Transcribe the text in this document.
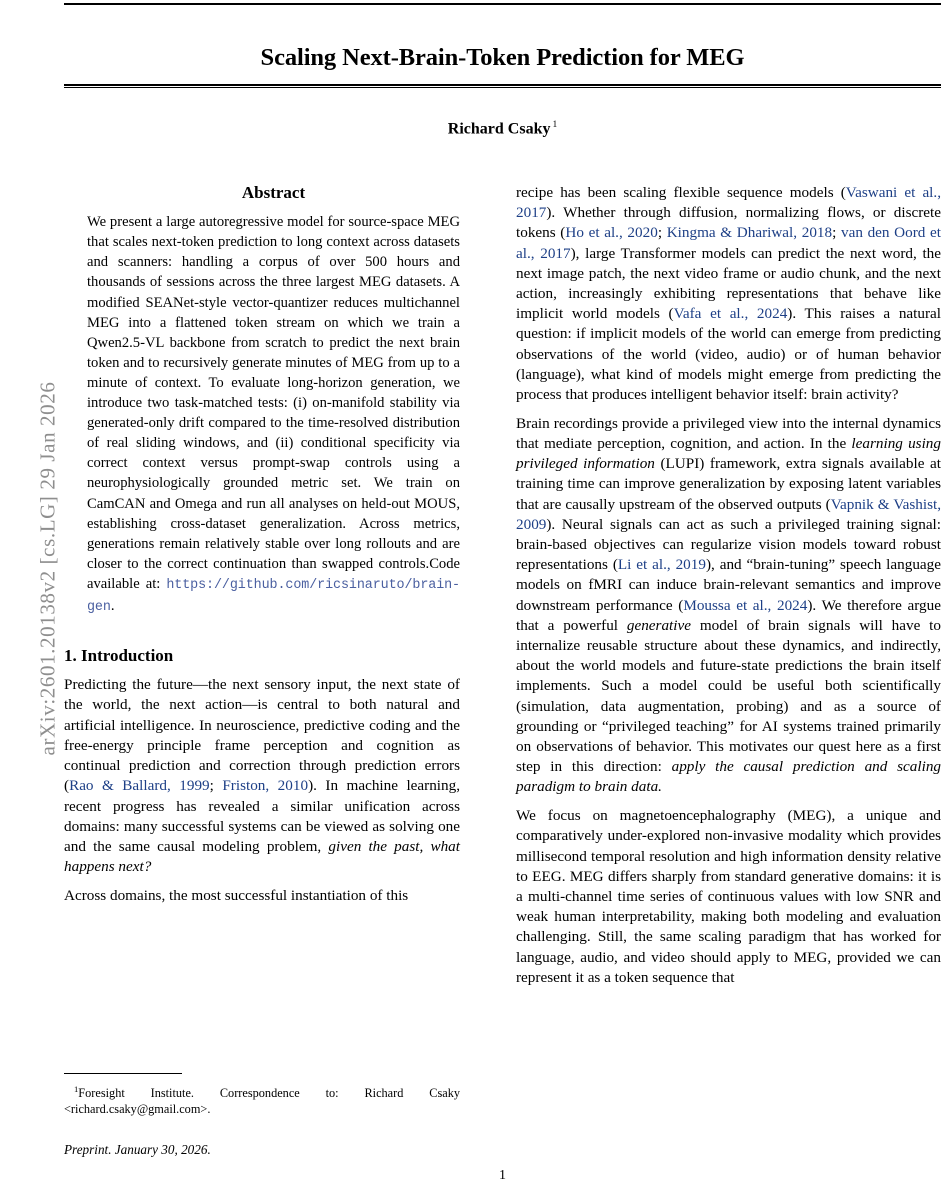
arXiv:2601.20138v2 [cs.LG] 29 Jan 2026
Scaling Next-Brain-Token Prediction for MEG
Richard Csaky $^1$
Abstract
We present a large autoregressive model for source-space MEG that scales next-token prediction to long context across datasets and scanners: handling a corpus of over 500 hours and thousands of sessions across the three largest MEG datasets. A modified SEANet-style vector-quantizer reduces multichannel MEG into a flattened token stream on which we train a Qwen2.5-VL backbone from scratch to predict the next brain token and to recursively generate minutes of MEG from up to a minute of context. To evaluate long-horizon generation, we introduce two task-matched tests: (i) on-manifold stability via generated-only drift compared to the time-resolved distribution of real sliding windows, and (ii) conditional specificity via correct context versus prompt-swap controls using a neurophysiologically grounded metric set. We train on CamCAN and Omega and run all analyses on held-out MOUS, establishing cross-dataset generalization. Across metrics, generations remain relatively stable over long rollouts and are closer to the correct continuation than swapped controls.Code available at: https://github.com/ricsinaruto/brain-gen.
1. Introduction

Predicting the future—the next sensory input, the next state of the world, the next action—is central to both natural and artificial intelligence. In neuroscience, predictive coding and the free-energy principle frame perception and cognition as continual prediction and correction through prediction errors (Rao & Ballard, 1999; Friston, 2010). In machine learning, recent progress has revealed a similar unification across domains: many successful systems can be viewed as solving one and the same causal modeling problem, given the past, what happens next?

Across domains, the most successful instantiation of this

recipe has been scaling flexible sequence models (Vaswani et al., 2017). Whether through diffusion, normalizing flows, or discrete tokens (Ho et al., 2020; Kingma & Dhariwal, 2018; van den Oord et al., 2017), large Transformer models can predict the next word, the next image patch, the next video frame or audio chunk, and the next action, increasingly exhibiting representations that behave like implicit world models (Vafa et al., 2024). This raises a natural question: if implicit models of the world can emerge from predicting observations of the world (video, audio) or of human behavior (language), what kind of models might emerge from predicting the process that produces intelligent behavior itself: brain activity?

Brain recordings provide a privileged view into the internal dynamics that mediate perception, cognition, and action. In the learning using privileged information (LUPI) framework, extra signals available at training time can improve generalization by exposing latent variables that are causally upstream of the observed outputs (Vapnik & Vashist, 2009). Neural signals can act as such a privileged training signal: brain-based objectives can regularize vision models toward robust representations (Li et al., 2019), and “brain-tuning” speech language models on fMRI can induce brain-relevant semantics and improve downstream performance (Moussa et al., 2024). We therefore argue that a powerful generative model of brain signals will have to internalize reusable structure about these dynamics, and indirectly, about the world models and future-state predictions the brain itself implements. Such a model could be useful both scientifically (simulation, data augmentation, probing) and as a source of grounding or “privileged teaching” for AI systems trained primarily on observations of behavior. This motivates our quest here as a first step in this direction: apply the causal prediction and scaling paradigm to brain data.

We focus on magnetoencephalography (MEG), a unique and comparatively under-explored non-invasive modality which provides millisecond temporal resolution and high information density relative to EEG. MEG differs sharply from standard generative domains: it is a multi-channel time series of continuous values with low SNR and weak human interpretability, making both modeling and evaluation challenging. Still, the same scaling paradigm that has worked for language, audio, and video should apply to MEG, provided we can represent it as a token sequence that

$^1$Foresight Institute. Correspondence to: Richard Csaky <richard.csaky@gmail.com>.

Preprint. January 30, 2026.
1
